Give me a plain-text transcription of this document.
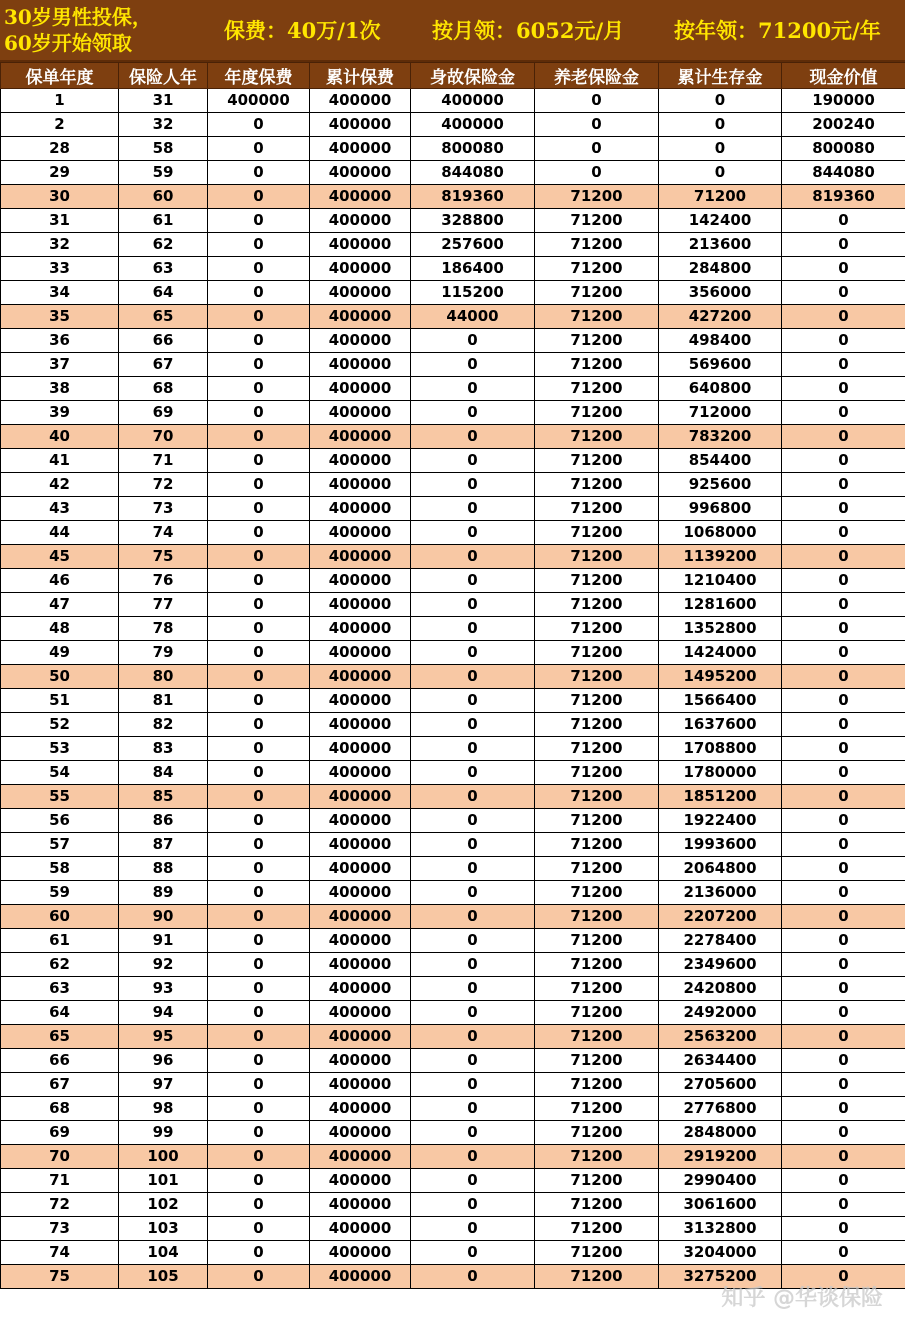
30岁男性投保，
60岁开始领取	保费：40万/1次	按月领：6052元/月	按年领：71200元/年
保单年度	保险人年	年度保费	累计保费	身故保险金	养老保险金	累计生存金	现金价值
1	31	400000	400000	400000	0	0	190000
2	32	0	400000	400000	0	0	200240
28	58	0	400000	800080	0	0	800080
29	59	0	400000	844080	0	0	844080
30	60	0	400000	819360	71200	71200	819360
31	61	0	400000	328800	71200	142400	0
32	62	0	400000	257600	71200	213600	0
33	63	0	400000	186400	71200	284800	0
34	64	0	400000	115200	71200	356000	0
35	65	0	400000	44000	71200	427200	0
36	66	0	400000	0	71200	498400	0
37	67	0	400000	0	71200	569600	0
38	68	0	400000	0	71200	640800	0
39	69	0	400000	0	71200	712000	0
40	70	0	400000	0	71200	783200	0
41	71	0	400000	0	71200	854400	0
42	72	0	400000	0	71200	925600	0
43	73	0	400000	0	71200	996800	0
44	74	0	400000	0	71200	1068000	0
45	75	0	400000	0	71200	1139200	0
46	76	0	400000	0	71200	1210400	0
47	77	0	400000	0	71200	1281600	0
48	78	0	400000	0	71200	1352800	0
49	79	0	400000	0	71200	1424000	0
50	80	0	400000	0	71200	1495200	0
51	81	0	400000	0	71200	1566400	0
52	82	0	400000	0	71200	1637600	0
53	83	0	400000	0	71200	1708800	0
54	84	0	400000	0	71200	1780000	0
55	85	0	400000	0	71200	1851200	0
56	86	0	400000	0	71200	1922400	0
57	87	0	400000	0	71200	1993600	0
58	88	0	400000	0	71200	2064800	0
59	89	0	400000	0	71200	2136000	0
60	90	0	400000	0	71200	2207200	0
61	91	0	400000	0	71200	2278400	0
62	92	0	400000	0	71200	2349600	0
63	93	0	400000	0	71200	2420800	0
64	94	0	400000	0	71200	2492000	0
65	95	0	400000	0	71200	2563200	0
66	96	0	400000	0	71200	2634400	0
67	97	0	400000	0	71200	2705600	0
68	98	0	400000	0	71200	2776800	0
69	99	0	400000	0	71200	2848000	0
70	100	0	400000	0	71200	2919200	0
71	101	0	400000	0	71200	2990400	0
72	102	0	400000	0	71200	3061600	0
73	103	0	400000	0	71200	3132800	0
74	104	0	400000	0	71200	3204000	0
75	105	0	400000	0	71200	3275200	0
知乎 @华谈保险
